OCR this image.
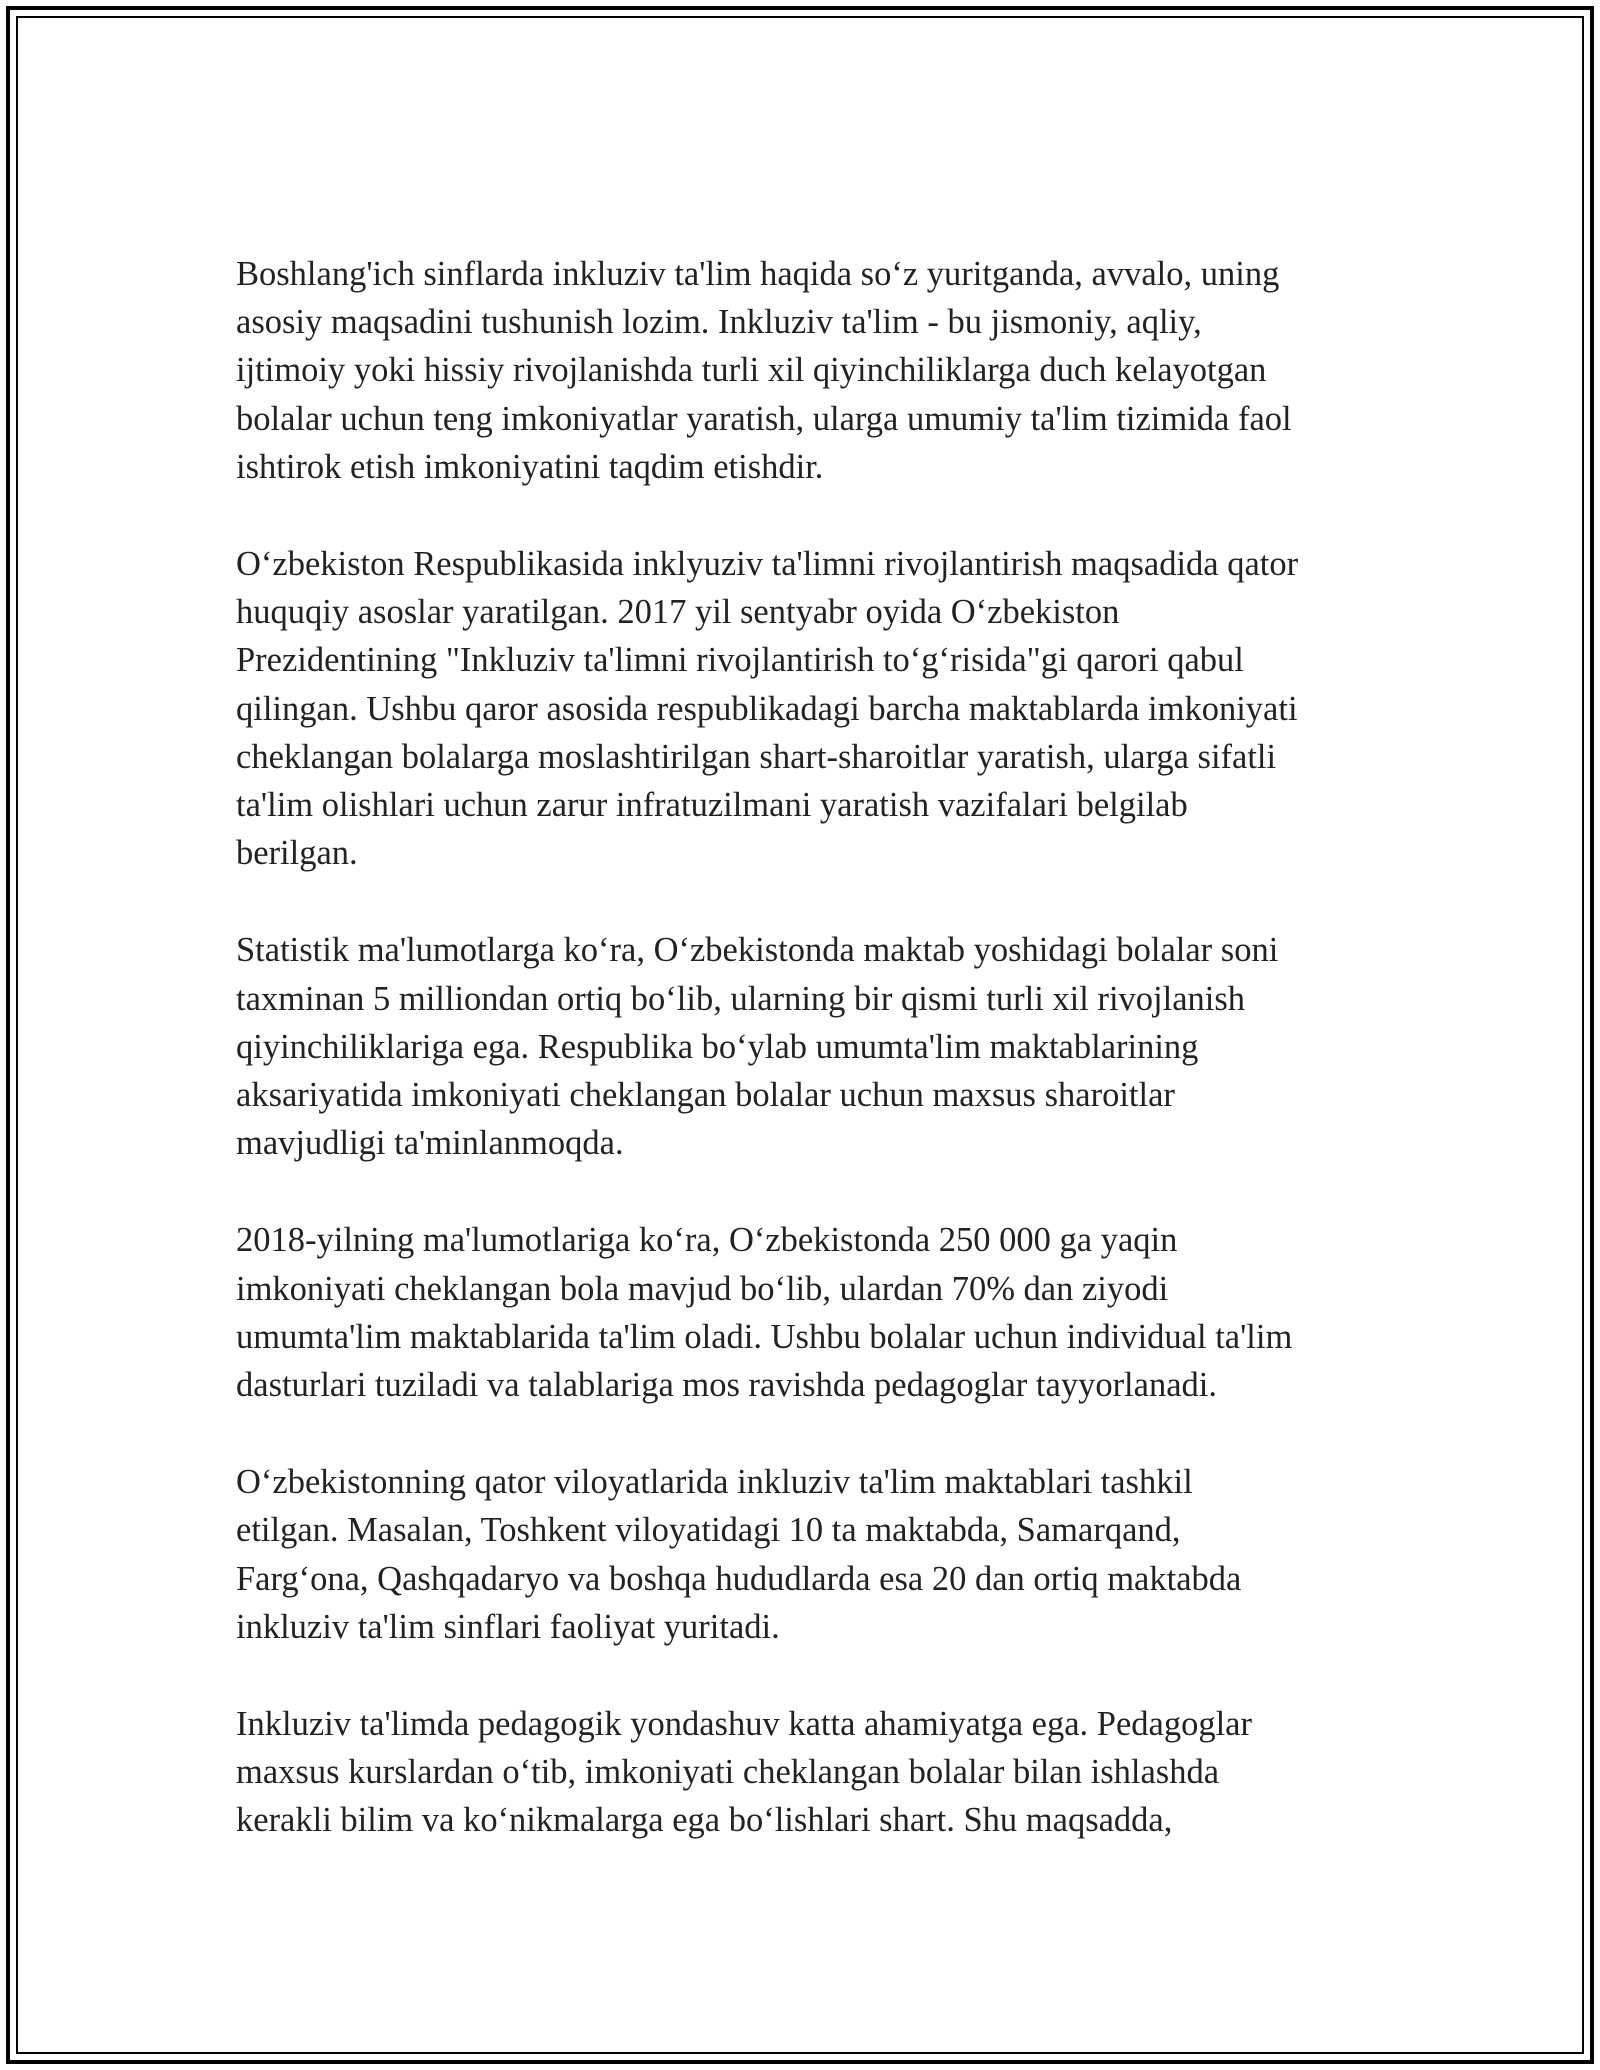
Boshlang'ich sinflarda inkluziv ta'lim haqida so‘z yuritganda, avvalo, uning
asosiy maqsadini tushunish lozim. Inkluziv ta'lim - bu jismoniy, aqliy,
ijtimoiy yoki hissiy rivojlanishda turli xil qiyinchiliklarga duch kelayotgan
bolalar uchun teng imkoniyatlar yaratish, ularga umumiy ta'lim tizimida faol
ishtirok etish imkoniyatini taqdim etishdir.

O‘zbekiston Respublikasida inklyuziv ta'limni rivojlantirish maqsadida qator
huquqiy asoslar yaratilgan. 2017 yil sentyabr oyida O‘zbekiston
Prezidentining "Inkluziv ta'limni rivojlantirish to‘g‘risida"gi qarori qabul
qilingan. Ushbu qaror asosida respublikadagi barcha maktablarda imkoniyati
cheklangan bolalarga moslashtirilgan shart-sharoitlar yaratish, ularga sifatli
ta'lim olishlari uchun zarur infratuzilmani yaratish vazifalari belgilab
berilgan.

Statistik ma'lumotlarga ko‘ra, O‘zbekistonda maktab yoshidagi bolalar soni
taxminan 5 milliondan ortiq bo‘lib, ularning bir qismi turli xil rivojlanish
qiyinchiliklariga ega. Respublika bo‘ylab umumta'lim maktablarining
aksariyatida imkoniyati cheklangan bolalar uchun maxsus sharoitlar
mavjudligi ta'minlanmoqda.

2018-yilning ma'lumotlariga ko‘ra, O‘zbekistonda 250 000 ga yaqin
imkoniyati cheklangan bola mavjud bo‘lib, ulardan 70% dan ziyodi
umumta'lim maktablarida ta'lim oladi. Ushbu bolalar uchun individual ta'lim
dasturlari tuziladi va talablariga mos ravishda pedagoglar tayyorlanadi.

O‘zbekistonning qator viloyatlarida inkluziv ta'lim maktablari tashkil
etilgan. Masalan, Toshkent viloyatidagi 10 ta maktabda, Samarqand,
Farg‘ona, Qashqadaryo va boshqa hududlarda esa 20 dan ortiq maktabda
inkluziv ta'lim sinflari faoliyat yuritadi.

Inkluziv ta'limda pedagogik yondashuv katta ahamiyatga ega. Pedagoglar
maxsus kurslardan o‘tib, imkoniyati cheklangan bolalar bilan ishlashda
kerakli bilim va ko‘nikmalarga ega bo‘lishlari shart. Shu maqsadda,
